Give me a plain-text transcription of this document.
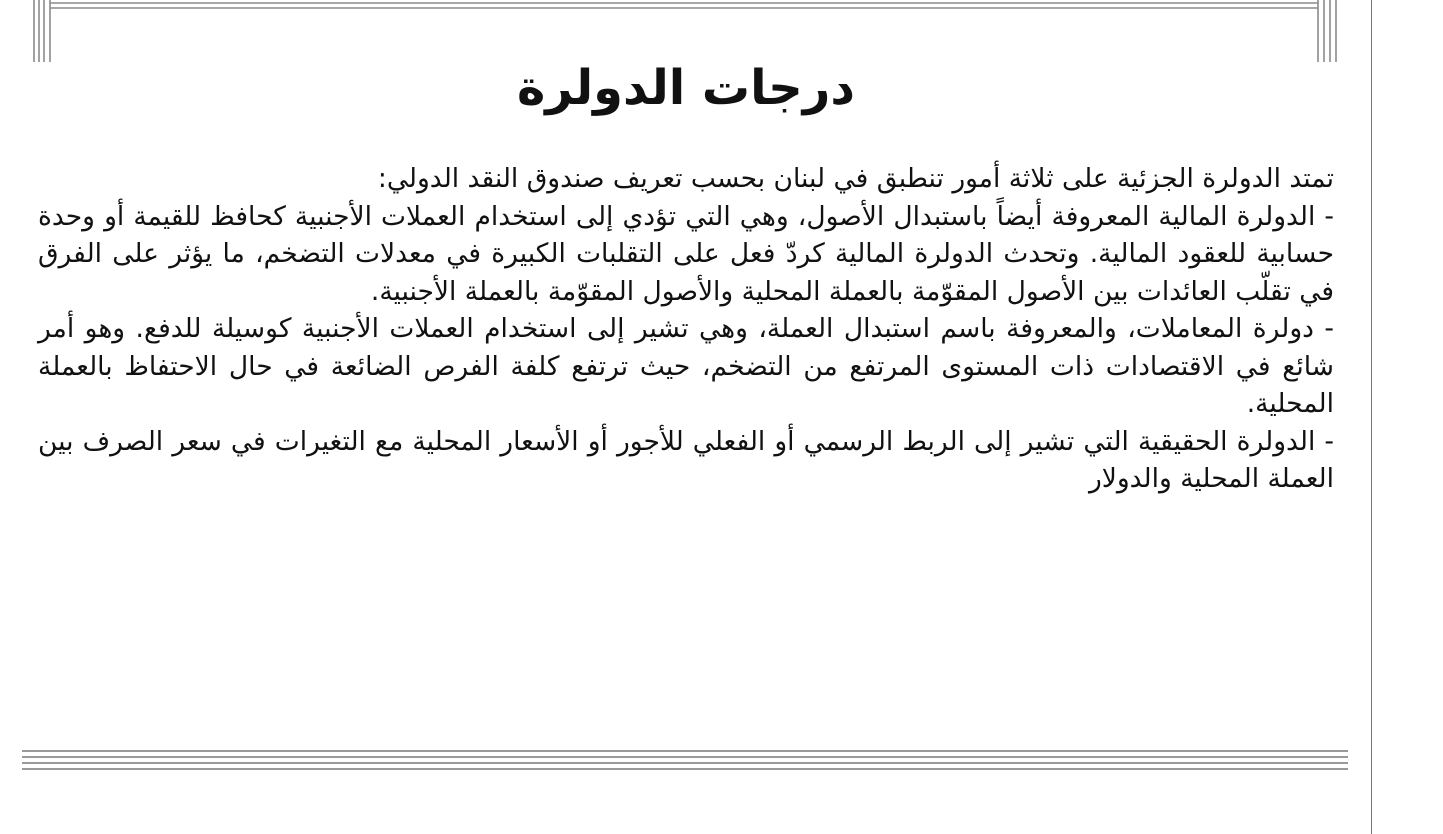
درجات الدولرة

تمتد الدولرة الجزئية على ثلاثة أمور تنطبق في لبنان بحسب تعريف صندوق النقد الدولي:

- الدولرة المالية المعروفة أيضاً باستبدال الأصول، وهي التي تؤدي إلى استخدام العملات الأجنبية كحافظ للقيمة أو وحدة حسابية للعقود المالية. وتحدث الدولرة المالية كردّ فعل على التقلبات الكبيرة في معدلات التضخم، ما يؤثر على الفرق في تقلّب العائدات بين الأصول المقوّمة بالعملة المحلية والأصول المقوّمة بالعملة الأجنبية.

- دولرة المعاملات، والمعروفة باسم استبدال العملة، وهي تشير إلى استخدام العملات الأجنبية كوسيلة للدفع. وهو أمر شائع في الاقتصادات ذات المستوى المرتفع من التضخم، حيث ترتفع كلفة الفرص الضائعة في حال الاحتفاظ بالعملة المحلية.

- الدولرة الحقيقية التي تشير إلى الربط الرسمي أو الفعلي للأجور أو الأسعار المحلية مع التغيرات في سعر الصرف بين العملة المحلية والدولار
